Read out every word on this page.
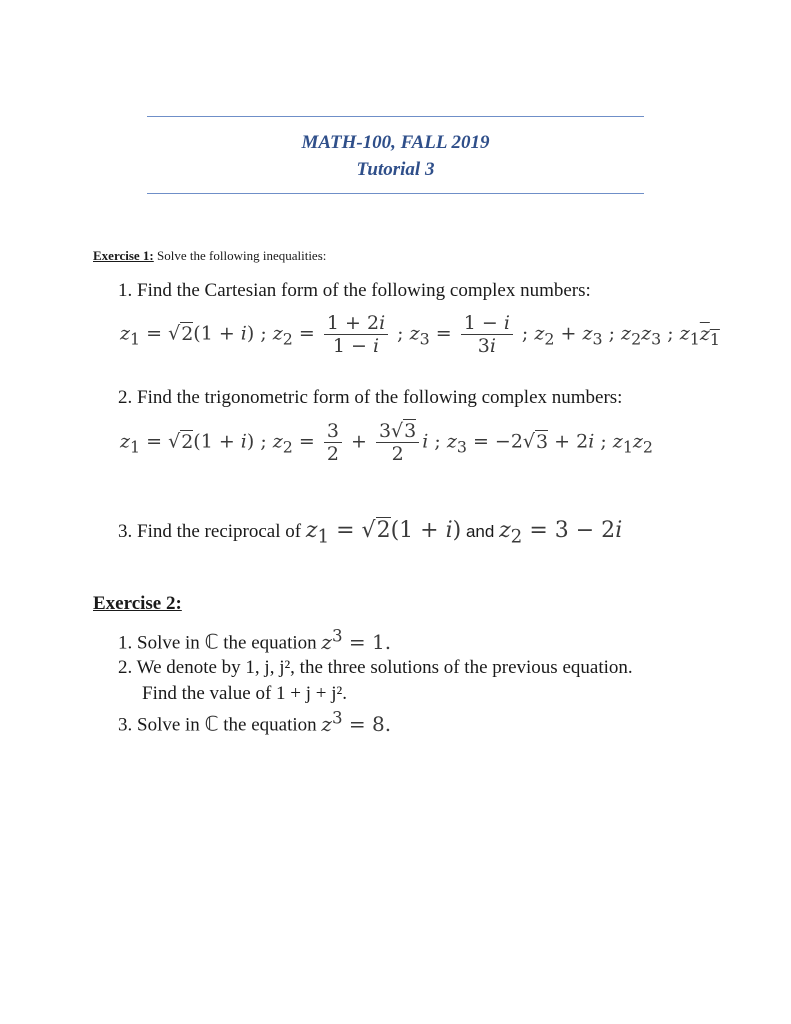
MATH-100, FALL 2019
Tutorial 3
Exercise 1: Solve the following inequalities:
1. Find the Cartesian form of the following complex numbers:
$z_1 = √2(1 + i)$ ; $z_2 = \frac{1 + 2i}{1 - i}$ ; $z_3 = \frac{1 - i}{3i}$ ; $z_2 + z_3$ ; $z_2z_3$ ; $z_1z_1$
2. Find the trigonometric form of the following complex numbers:
$z_1 = √2(1 + i)$ ; $z_2 = \frac{3}{2} + \frac{3√3}{2}$ i ; $z_3 = -2√3 + 2i$ ; $z_1z_2$
3. Find the reciprocal of $z_1 = √2(1 + i)$ and $z_2 = 3 - 2i$
Exercise 2:
1. Solve in ℂ the equation $z^3 = 1$.
2. We denote by 1, j, j², the three solutions of the previous equation.
Find the value of 1 + j + j².
3. Solve in ℂ the equation $z^3 = 8$.
